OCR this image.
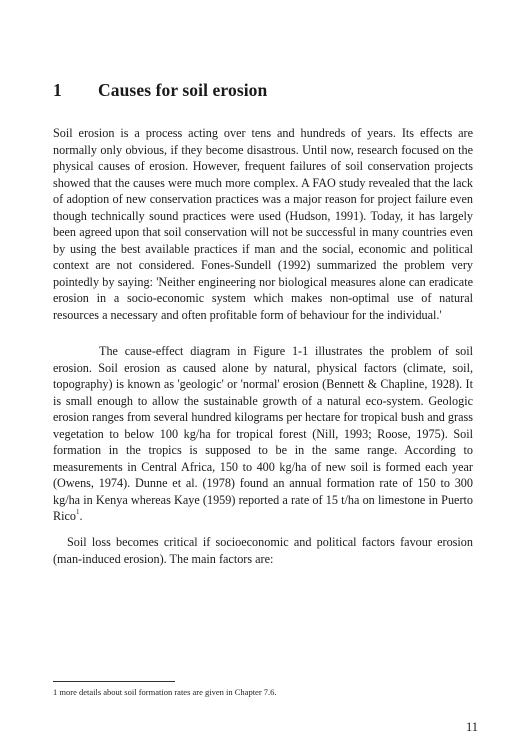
1 Causes for soil erosion

Soil erosion is a process acting over tens and hundreds of years. Its effects are normally only obvious, if they become disastrous. Until now, research focused on the physical causes of erosion. However, frequent failures of soil conservation projects showed that the causes were much more complex. A FAO study revealed that the lack of adoption of new conservation practices was a major reason for project failure even though technically sound practices were used (Hudson, 1991). Today, it has largely been agreed upon that soil conservation will not be successful in many countries even by using the best available practices if man and the social, economic and political context are not considered. Fones-Sundell (1992) summarized the problem very pointedly by saying: 'Neither engineering nor biological measures alone can eradicate erosion in a socio-economic system which makes non-optimal use of natural resources a necessary and often profitable form of behaviour for the individual.'

The cause-effect diagram in Figure 1-1 illustrates the problem of soil erosion. Soil erosion as caused alone by natural, physical factors (climate, soil, topography) is known as 'geologic' or 'normal' erosion (Bennett & Chapline, 1928). It is small enough to allow the sustainable growth of a natural eco-system. Geologic erosion ranges from several hundred kilograms per hectare for tropical bush and grass vegetation to below 100 kg/ha for tropical forest (Nill, 1993; Roose, 1975). Soil formation in the tropics is supposed to be in the same range. According to measurements in Central Africa, 150 to 400 kg/ha of new soil is formed each year (Owens, 1974). Dunne et al. (1978) found an annual formation rate of 150 to 300 kg/ha in Kenya whereas Kaye (1959) reported a rate of 15 t/ha on limestone in Puerto Rico$^1$.

Soil loss becomes critical if socioeconomic and political factors favour erosion (man-induced erosion). The main factors are:

1 more details about soil formation rates are given in Chapter 7.6.
11
